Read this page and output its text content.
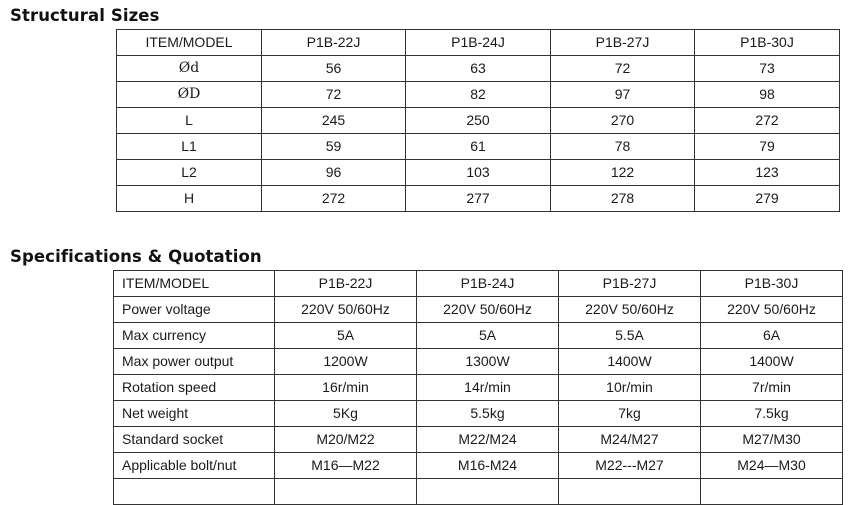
Structural Sizes
ITEM/MODEL	P1B-22J	P1B-24J	P1B-27J	P1B-30J
Ød	56	63	72	73
ØD	72	82	97	98
L	245	250	270	272
L1	59	61	78	79
L2	96	103	122	123
H	272	277	278	279
Specifications & Quotation
ITEM/MODEL	P1B-22J	P1B-24J	P1B-27J	P1B-30J
Power voltage	220V 50/60Hz	220V 50/60Hz	220V 50/60Hz	220V 50/60Hz
Max currency	5A	5A	5.5A	6A
Max power output	1200W	1300W	1400W	1400W
Rotation speed	16r/min	14r/min	10r/min	7r/min
Net weight	5Kg	5.5kg	7kg	7.5kg
Standard socket	M20/M22	M22/M24	M24/M27	M27/M30
Applicable bolt/nut	M16—M22	M16-M24	M22---M27	M24—M30
